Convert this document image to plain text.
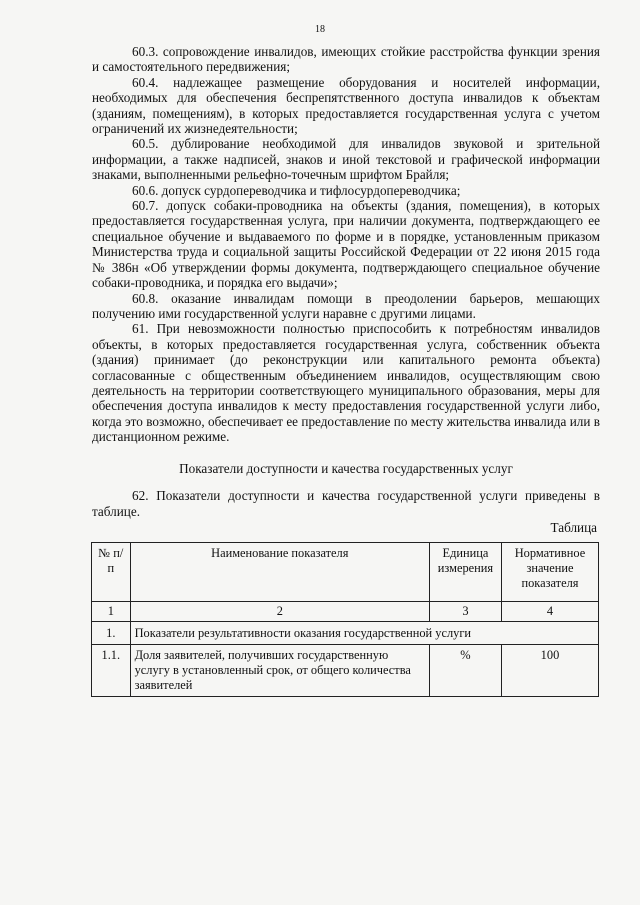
18

60.3. сопровождение инвалидов, имеющих стойкие расстройства функции зрения и самостоятельного передвижения;

60.4. надлежащее размещение оборудования и носителей информации, необходимых для обеспечения беспрепятственного доступа инвалидов к объектам (зданиям, помещениям), в которых предоставляется государственная услуга с учетом ограничений их жизнедеятельности;

60.5. дублирование необходимой для инвалидов звуковой и зрительной информации, а также надписей, знаков и иной текстовой и графической информации знаками, выполненными рельефно-точечным шрифтом Брайля;

60.6. допуск сурдопереводчика и тифлосурдопереводчика;

60.7. допуск собаки-проводника на объекты (здания, помещения), в которых предоставляется государственная услуга, при наличии документа, подтверждающего ее специальное обучение и выдаваемого по форме и в порядке, установленным приказом Министерства труда и социальной защиты Российской Федерации от 22 июня 2015 года № 386н «Об утверждении формы документа, подтверждающего специальное обучение собаки-проводника, и порядка его выдачи»;

60.8. оказание инвалидам помощи в преодолении барьеров, мешающих получению ими государственной услуги наравне с другими лицами.

61. При невозможности полностью приспособить к потребностям инвалидов объекты, в которых предоставляется государственная услуга, собственник объекта (здания) принимает (до реконструкции или капитального ремонта объекта) согласованные с общественным объединением инвалидов, осуществляющим свою деятельность на территории соответствующего муниципального образования, меры для обеспечения доступа инвалидов к месту предоставления государственной услуги либо, когда это возможно, обеспечивает ее предоставление по месту жительства инвалида или в дистанционном режиме.

Показатели доступности и качества государственных услуг

62. Показатели доступности и качества государственной услуги приведены в таблице.

Таблица
№ п/п	Наименование показателя	Единица измерения	Нормативное значение показателя
1	2	3	4
1.	Показатели результативности оказания государственной услуги		
1.1.	Доля заявителей, получивших государственную услугу в установленный срок, от общего количества заявителей	%	100
